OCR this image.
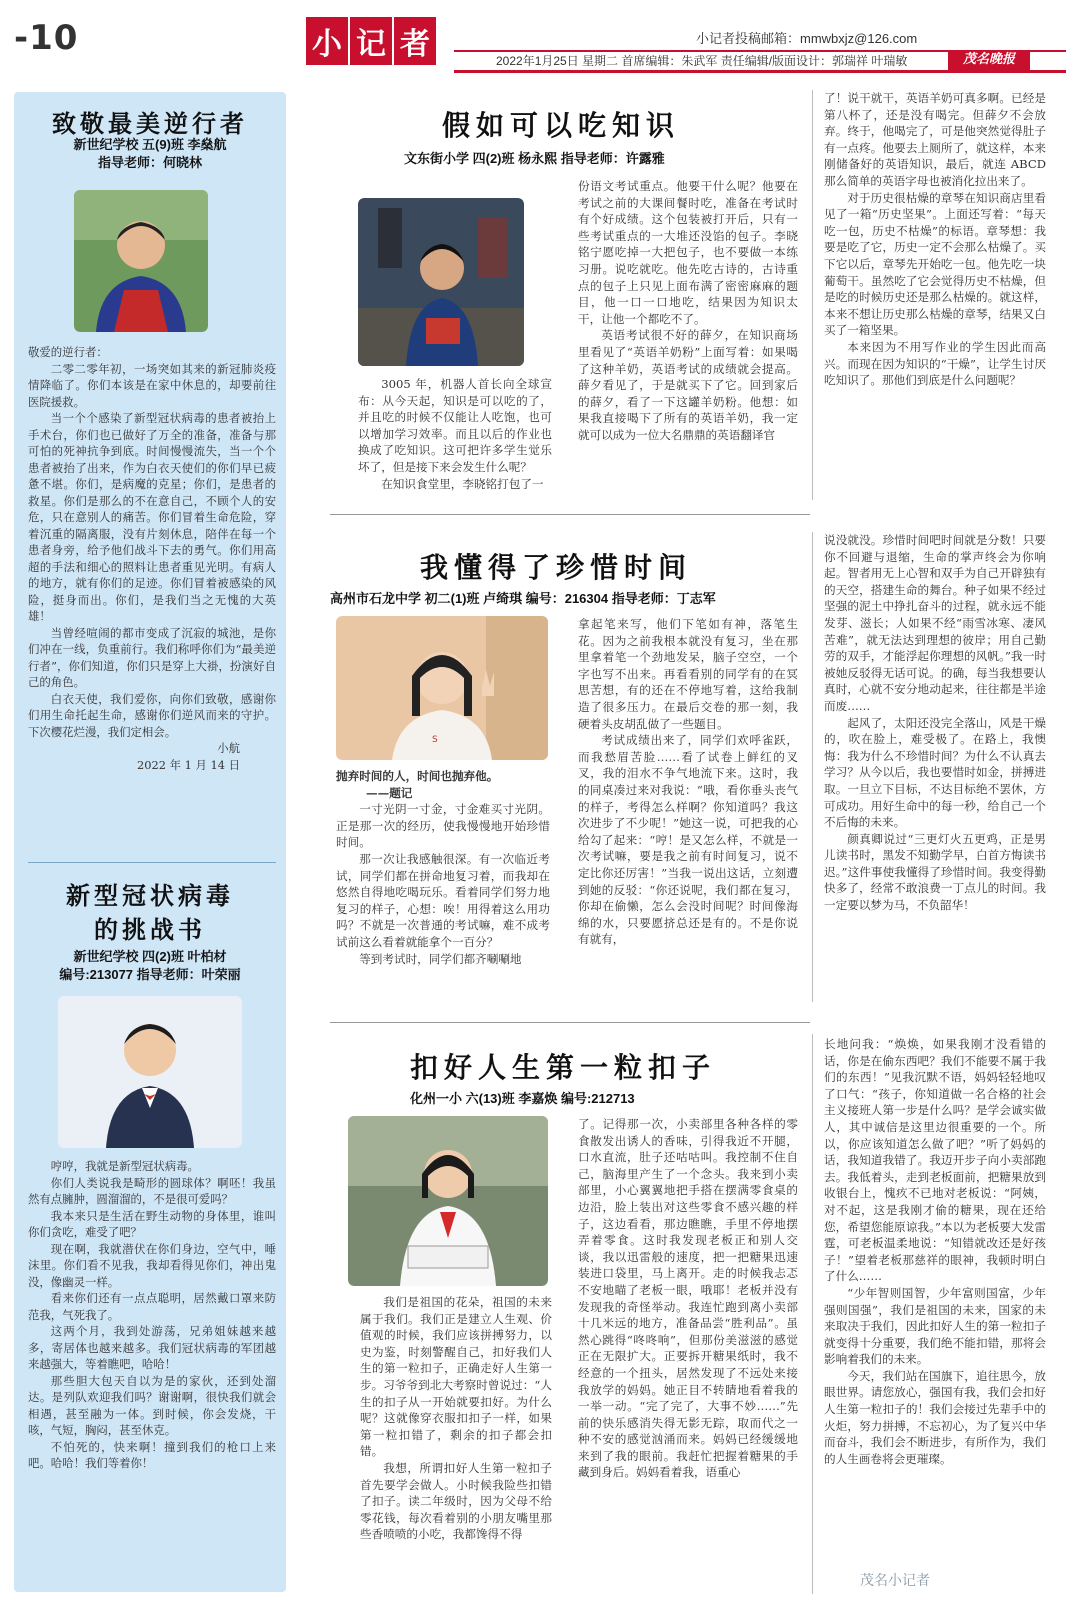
-10	小 记 者	小记者投稿邮箱：mmwbxjz@126.com
2022年1月25日 星期二 首席编辑：朱武军 责任编辑/版面设计：郭瑞祥 叶瑞敏	茂名晚报
致敬最美逆行者
新世纪学校 五(9)班 李燊航
指导老师：何晓林

敬爱的逆行者：

二零二零年初，一场突如其来的新冠肺炎疫情降临了。你们本该是在家中休息的，却要前往医院援救。

当一个个感染了新型冠状病毒的患者被抬上手术台，你们也已做好了万全的准备，准备与那可怕的死神抗争到底。时间慢慢流失，当一个个患者被抬了出来，作为白衣天使们的你们早已疲惫不堪。你们，是病魔的克星；你们，是患者的救星。你们是那么的不在意自己，不顾个人的安危，只在意别人的痛苦。你们冒着生命危险，穿着沉重的隔离服，没有片刻休息，陪伴在每一个患者身旁，给予他们战斗下去的勇气。你们用高超的手法和细心的照料让患者重见光明。有病人的地方，就有你们的足迹。你们冒着被感染的风险，挺身而出。你们，是我们当之无愧的大英雄！

当曾经喧闹的都市变成了沉寂的城池，是你们冲在一线，负重前行。我们称呼你们为“最美逆行者”，你们知道，你们只是穿上大褂，扮演好自己的角色。

白衣天使，我们爱你，向你们致敬，感谢你们用生命托起生命，感谢你们逆风而来的守护。下次樱花烂漫，我们定相会。

小航

2022 年 1 月 14 日

新型冠状病毒
的挑战书
新世纪学校 四(2)班 叶柏材
编号:213077 指导老师：叶荣丽

哼哼，我就是新型冠状病毒。

你们人类说我是畸形的圆球体？啊呸！我虽然有点臃肿，圆溜溜的，不是很可爱吗？

我本来只是生活在野生动物的身体里，谁叫你们贪吃，难受了吧？

现在啊，我就潜伏在你们身边，空气中，唾沫里。你们看不见我，我却看得见你们，神出鬼没，像幽灵一样。

看来你们还有一点点聪明，居然戴口罩来防范我，气死我了。

这两个月，我到处游荡，兄弟姐妹越来越多，寄居体也越来越多。我们冠状病毒的军团越来越强大，等着瞧吧，哈哈！

那些胆大包天自以为是的家伙，还到处溜达。是列队欢迎我们吗？谢谢啊，很快我们就会相遇，甚至融为一体。到时候，你会发烧，干咳，气短，胸闷，甚至休克。

不怕死的，快来啊！撞到我们的枪口上来吧。哈哈！我们等着你！

假如可以吃知识
文东街小学 四(2)班 杨永熙 指导老师：许露雅

3005 年，机器人首长向全球宣布：从今天起，知识是可以吃的了，并且吃的时候不仅能让人吃饱，也可以增加学习效率。而且以后的作业也换成了吃知识。这可把许多学生觉乐坏了，但是接下来会发生什么呢？

在知识食堂里，李晓铭打包了一

份语文考试重点。他要干什么呢？他要在考试之前的大课间餐时吃，准备在考试时有个好成绩。这个包装被打开后，只有一些考试重点的一大堆还没馅的包子。李晓铭宁愿吃掉一大把包子，也不要做一本练习册。说吃就吃。他先吃古诗的，古诗重点的包子上只见上面布满了密密麻麻的题目，他一口一口地吃，结果因为知识太干，让他一个都吃不了。

英语考试很不好的薛夕，在知识商场里看见了“英语羊奶粉”上面写着：如果喝了这种羊奶，英语考试的成绩就会提高。薛夕看见了，于是就买下了它。回到家后的薛夕，看了一下这罐羊奶粉。他想：如果我直接喝下了所有的英语羊奶，我一定就可以成为一位大名鼎鼎的英语翻译官

了！说干就干，英语羊奶可真多啊。已经是第八杯了，还是没有喝完。但薛夕不会放弃。终于，他喝完了，可是他突然觉得肚子有一点疼。他要去上厕所了，就这样，本来刚储备好的英语知识，最后，就连 ABCD 那么简单的英语字母也被消化拉出来了。

对于历史很枯燥的章琴在知识商店里看见了一箱“历史坚果”。上面还写着：“每天吃一包，历史不枯燥”的标语。章琴想：我要是吃了它，历史一定不会那么枯燥了。买下它以后，章琴先开始吃一包。他先吃一块葡萄干。虽然吃了它会觉得历史不枯燥，但是吃的时候历史还是那么枯燥的。就这样，本来不想让历史那么枯燥的章琴，结果又白买了一箱坚果。

本来因为不用写作业的学生因此而高兴。而现在因为知识的“干燥”，让学生讨厌吃知识了。那他们到底是什么问题呢？

我懂得了珍惜时间
高州市石龙中学 初二(1)班 卢绮琪 编号：216304 指导老师：丁志军
S

抛弃时间的人，时间也抛弃他。

——题记

一寸光阴一寸金，寸金难买寸光阴。正是那一次的经历，使我慢慢地开始珍惜时间。

那一次让我感触很深。有一次临近考试，同学们都在拼命地复习着，而我却在悠然自得地吃喝玩乐。看着同学们努力地复习的样子，心想：唉！用得着这么用功吗？不就是一次普通的考试嘛，难不成考试前这么看着就能拿个一百分？

等到考试时，同学们都齐唰唰地

拿起笔来写，他们下笔如有神，落笔生花。因为之前我根本就没有复习，坐在那里拿着笔一个劲地发呆，脑子空空，一个字也写不出来。再看看别的同学有的在冥思苦想，有的还在不停地写着，这给我制造了很多压力。在最后交卷的那一刻，我硬着头皮胡乱做了一些题目。

考试成绩出来了，同学们欢呼雀跃，而我愁眉苦脸……看了试卷上鲜红的叉叉，我的泪水不争气地流下来。这时，我的同桌凑过来对我说：“哦，看你垂头丧气的样子，考得怎么样啊？你知道吗？我这次进步了不少呢！”她这一说，可把我的心给勾了起来：“哼！是又怎么样，不就是一次考试嘛，要是我之前有时间复习，说不定比你还厉害！”当我一说出这话，立刻遭到她的反驳：“你还说呢，我们都在复习，你却在偷懒，怎么会没时间呢？时间像海绵的水，只要愿挤总还是有的。不是你说有就有，

说没就没。珍惜时间吧时间就是分数！只要你不回避与退缩，生命的掌声终会为你响起。智者用无上心智和双手为自己开辟独有的天空，搭建生命的舞台。种子如果不经过坚强的泥土中挣扎奋斗的过程，就永远不能发芽、滋长；人如果不经“雨雪冰寒、凄风苦难”，就无法达到理想的彼岸；用自己勤劳的双手，才能浮起你理想的风帆。”我一时被她反驳得无话可说。的确，每当我想要认真时，心就不安分地动起来，往往都是半途而废……

起风了，太阳还没完全落山，风是干燥的，吹在脸上，难受极了。在路上，我懊悔：我为什么不珍惜时间？为什么不认真去学习？从今以后，我也要惜时如金，拼搏进取。一旦立下目标，不达目标绝不罢休，方可成功。用好生命中的每一秒，给自己一个不后悔的未来。

颜真卿说过“三更灯火五更鸡，正是男儿读书时，黑发不知勤学早，白首方悔读书迟。”这件事使我懂得了珍惜时间。我变得勤快多了，经常不敢浪费一丁点儿的时间。我一定要以梦为马，不负韶华！

扣好人生第一粒扣子
化州一小 六(13)班 李嘉焕 编号:212713

我们是祖国的花朵，祖国的未来属于我们。我们正是建立人生观、价值观的时候，我们应该拼搏努力，以史为鉴，时刻警醒自己，扣好我们人生的第一粒扣子，正确走好人生第一步。习爷爷到北大考察时曾说过：“人生的扣子从一开始就要扣好。为什么呢？这就像穿衣服扣扣子一样，如果第一粒扣错了，剩余的扣子都会扣错。

我想，所谓扣好人生第一粒扣子首先要学会做人。小时候我险些扣错了扣子。读二年级时，因为父母不给零花钱，每次看着别的小朋友嘴里那些香喷喷的小吃，我都馋得不得

了。记得那一次，小卖部里各种各样的零食散发出诱人的香味，引得我近不开腿，口水直流，肚子还咕咕叫。我控制不住自己，脑海里产生了一个念头。我来到小卖部里，小心翼翼地把手搭在摆满零食桌的边沿，脸上装出对这些零食不感兴趣的样子，这边看看，那边瞧瞧，手里不停地摆弄着零食。这时我发现老板正和别人交谈，我以迅雷般的速度，把一把糖果迅速装进口袋里，马上离开。走的时候我忐忑不安地瞄了老板一眼，哦耶！老板并没有发现我的奇怪举动。我连忙跑到离小卖部十几米远的地方，准备品尝“胜利品”。虽然心跳得“咚咚响”，但那份美滋滋的感觉正在无限扩大。正要拆开糖果纸时，我不经意的一个扭头，居然发现了不远处来接我放学的妈妈。她正目不转睛地看着我的一举一动。“完了完了，大事不妙……”先前的快乐感消失得无影无踪，取而代之一种不安的感觉汹涌而来。妈妈已经缓缓地来到了我的眼前。我赶忙把握着糖果的手藏到身后。妈妈看着我，语重心

长地问我：“焕焕，如果我刚才没看错的话，你是在偷东西吧？我们不能要不属于我们的东西！”见我沉默不语，妈妈轻轻地叹了口气：“孩子，你知道做一名合格的社会主义接班人第一步是什么吗？是学会诚实做人，其中诚信是这里边很重要的一个。所以，你应该知道怎么做了吧？”听了妈妈的话，我知道我错了。我迈开步子向小卖部跑去。我低着头，走到老板面前，把糖果放到收银台上，愧疚不已地对老板说：“阿姨，对不起，这是我刚才偷的糖果，现在还给您，希望您能原谅我。”本以为老板要大发雷霆，可老板温柔地说：“知错就改还是好孩子！”望着老板那慈祥的眼神，我顿时明白了什么……

“少年智则国智，少年富则国富，少年强则国强”，我们是祖国的未来，国家的未来取决于我们，因此扣好人生的第一粒扣子就变得十分重要，我们绝不能扣错，那将会影响着我们的未来。

今天，我们站在国旗下，追往思今，放眼世界。请您放心，强国有我，我们会扣好人生第一粒扣子的！我们会接过先辈手中的火炬，努力拼搏，不忘初心，为了复兴中华而奋斗，我们会不断进步，有所作为，我们的人生画卷将会更璀璨。

茂名小记者
